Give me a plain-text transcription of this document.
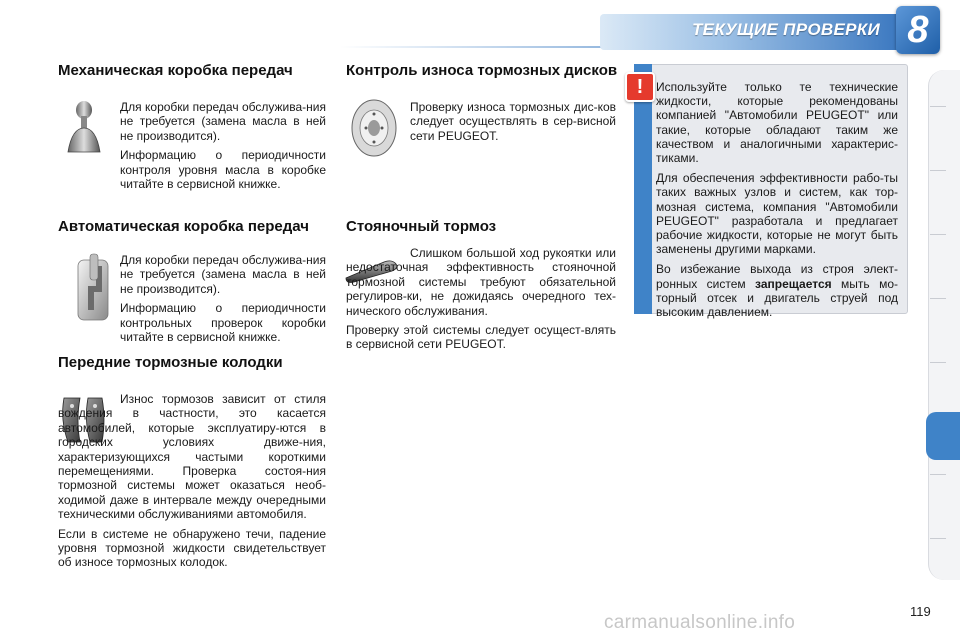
ТЕКУЩИЕ ПРОВЕРКИ 8
Механическая коробка передач

Для коробки передач обслужива-ния не требуется (замена масла в ней не производится).

Информацию о периодичности контроля уровня масла в коробке читайте в сервисной книжке.

Автоматическая коробка передач

Для коробки передач обслужива-ния не требуется (замена масла в ней не производится).

Информацию о периодичности контрольных проверок коробки читайте в сервисной книжке.

Передние тормозные колодки

Износ тормозов зависит от стиля вождения в частности, это касается автомобилей, которые эксплуатиру-ются в городских условиях движе-ния, характеризующихся частыми короткими перемещениями. Проверка состоя-ния тормозной системы может оказаться необ-ходимой даже в интервале между очередными техническими обслуживаниями автомобиля.

Если в системе не обнаружено течи, падение уровня тормозной жидкости свидетельствует об износе тормозных колодок.

Контроль износа тормозных дисков

Проверку износа тормозных дис-ков следует осуществлять в сер-висной сети PEUGEOT.

Стояночный тормоз

Слишком большой ход рукоятки или недостаточная эффективность стояночной тормозной системы требуют обязательной регулиров-ки, не дожидаясь очередного тех-нического обслуживания.

Проверку этой системы следует осущест-влять в сервисной сети PEUGEOT.

!	Используйте только те технические жидкости, которые рекомендованы компанией "Автомобили PEUGEOT" или такие, которые обладают таким же качеством и аналогичными характерис-тиками.

Для обеспечения эффективности рабо-ты таких важных узлов и систем, как тор-мозная система, компания "Автомобили PEUGEOT" разработала и предлагает рабочие жидкости, которые не могут быть заменены другими марками.

Во избежание выхода из строя элект-ронных систем запрещается мыть мо-торный отсек и двигатель струей под высоким давлением.

119
carmanualsonline.info
